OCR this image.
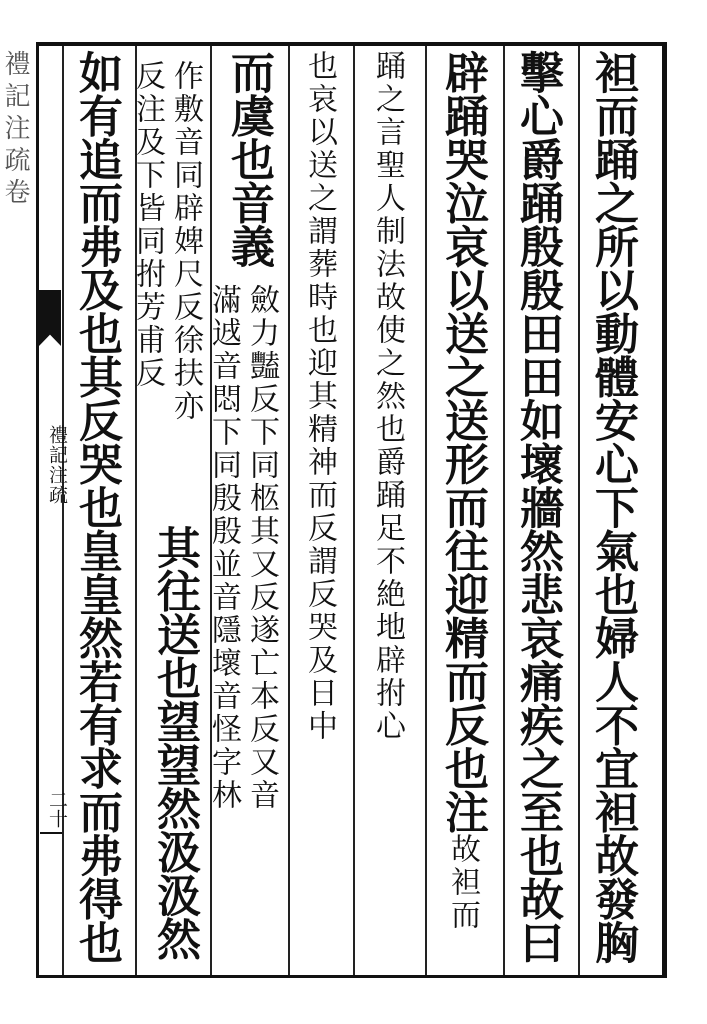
禮記注疏卷
禮記注疏
二十	袒而踊之所以動體安心下氣也婦人不宜袒故發胸
擊心爵踊殷殷田田如壞牆然悲哀痛疾之至也故曰
辟踊哭泣哀以送之送形而往迎精而反也注故袒而
踊之言聖人制法故使之然也爵踊足不絶地辟拊心
也哀以送之謂葬時也迎其精神而反謂反哭及日中
而虞也音義
斂力豔反下同柩其又反遂亡本反又音
滿䢕音悶下同殷殷並音隱壞音怪字林
作敷音同辟婢尺反徐扶亦
反注及下皆同拊芳甫反
其往送也望望然汲汲然
如有追而弗及也其反哭也皇皇然若有求而弗得也
